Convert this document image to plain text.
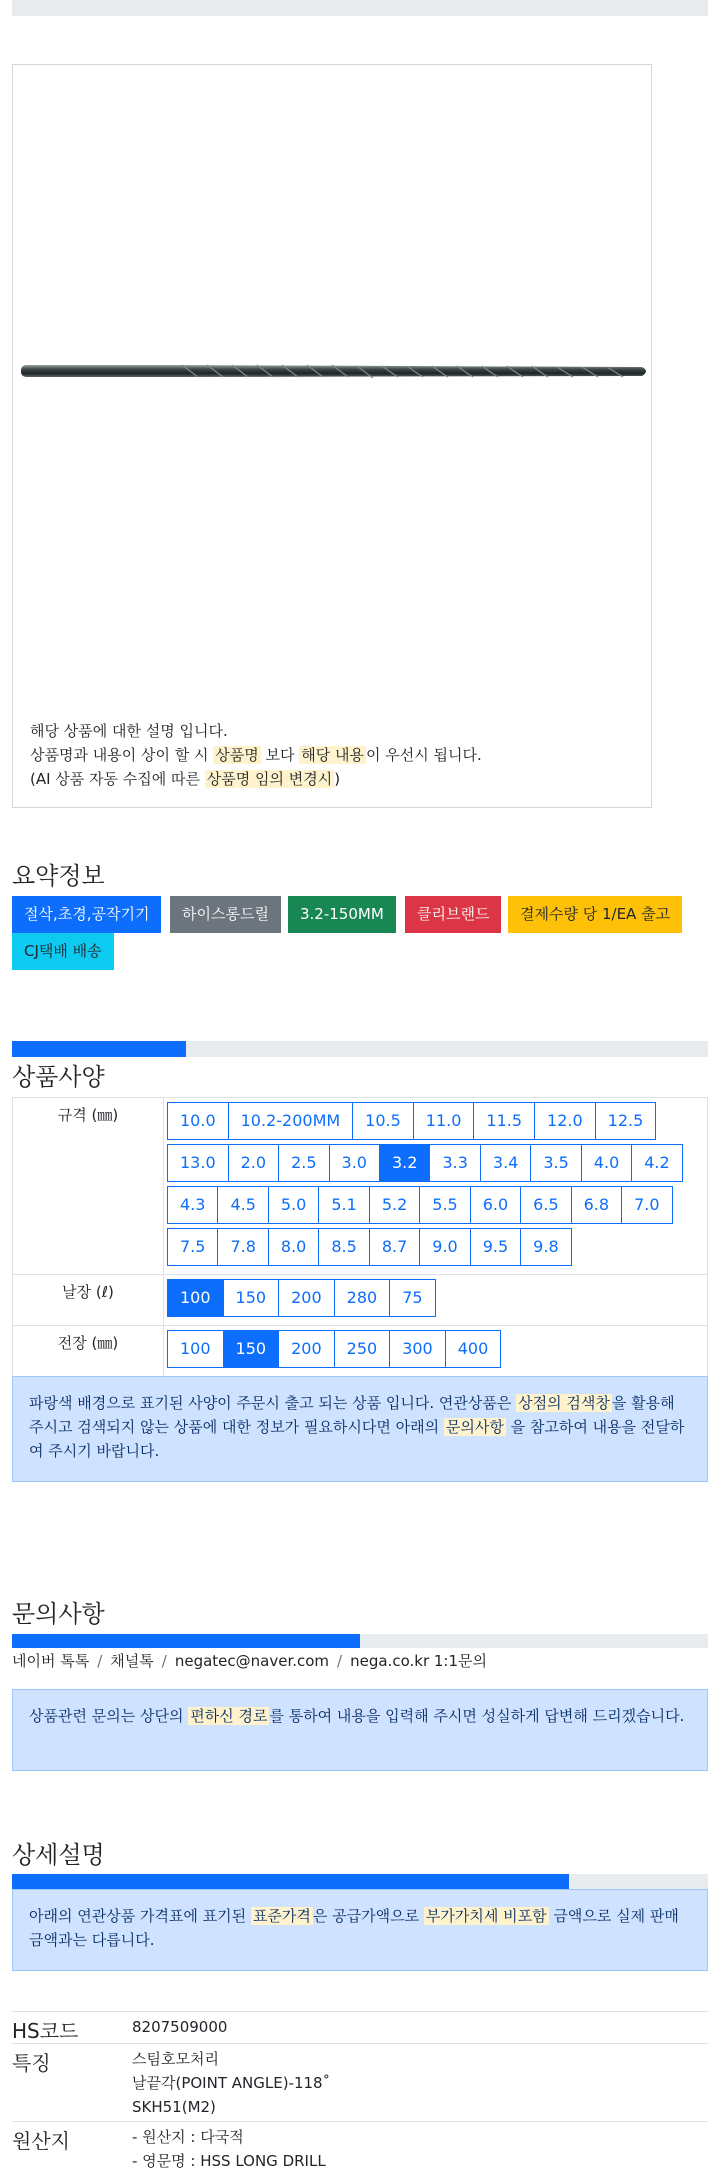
해당 상품에 대한 설명 입니다.
상품명과 내용이 상이 할 시 상품명 보다 해당 내용 이 우선시 됩니다.
(AI 상품 자동 수집에 따른 상품명 임의 변경시 )
요약정보
절삭,초경,공작기기	하이스롱드릴	3.2-150MM	클리브랜드	결제수량 당 1/EA 출고
CJ택배 배송
상품사양
규격 (㎜)	10.0	10.2-200MM	10.5	11.0	11.5	12.0	12.5
13.0	2.0	2.5	3.0	3.2	3.3	3.4	3.5	4.0	4.2
4.3	4.5	5.0	5.1	5.2	5.5	6.0	6.5	6.8	7.0
7.5	7.8	8.0	8.5	8.7	9.0	9.5	9.8
날장 (ℓ)	100	150	200	280	75
전장 (㎜)	100	150	200	250	300	400
파랑색 배경으로 표기된 사양이 주문시 출고 되는 상품 입니다. 연관상품은 상점의 검색창 을 활용해 주시고 검색되지 않는 상품에 대한 정보가 필요하시다면 아래의 문의사항 을 참고하여 내용을 전달하여 주시기 바랍니다.
문의사항
네이버 톡톡 / 채널톡 / negatec@naver.com / nega.co.kr 1:1문의
상품관련 문의는 상단의 편하신 경로 를 통하여 내용을 입력해 주시면 성실하게 답변해 드리겠습니다.
상세설명
아래의 연관상품 가격표에 표기된 표준가격 은 공급가액으로 부가가치세 비포함 금액으로 실제 판매금액과는 다릅니다.
HS코드	8207509000
특징	스팀호모처리
날끝각(POINT ANGLE)-118˚
SKH51(M2)
원산지	- 원산지 : 다국적
- 영문명 : HSS LONG DRILL
